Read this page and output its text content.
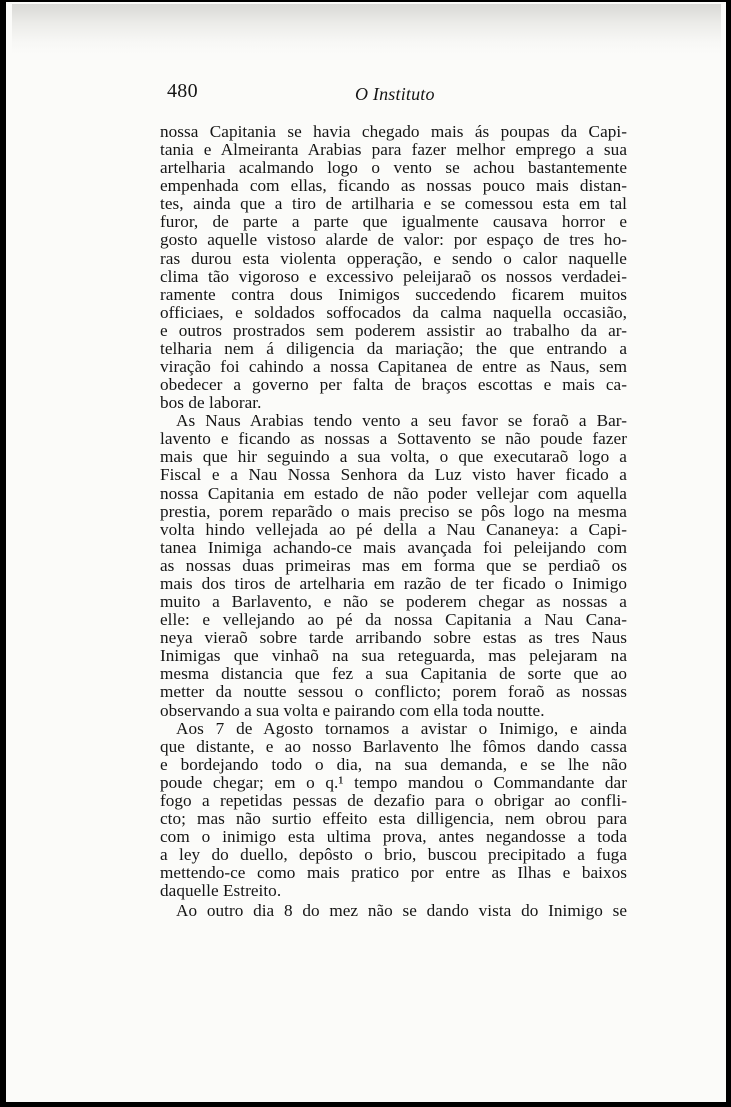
480	O Instituto
nossa Capitania se havia chegado mais ás poupas da Capi-
tania e Almeiranta Arabias para fazer melhor emprego a sua
artelharia acalmando logo o vento se achou bastantemente
empenhada com ellas, ficando as nossas pouco mais distan-
tes, ainda que a tiro de artilharia e se comessou esta em tal
furor, de parte a parte que igualmente causava horror e
gosto aquelle vistoso alarde de valor: por espaço de tres ho-
ras durou esta violenta opperação, e sendo o calor naquelle
clima tão vigoroso e excessivo peleijaraõ os nossos verdadei-
ramente contra dous Inimigos succedendo ficarem muitos
officiaes, e soldados soffocados da calma naquella occasião,
e outros prostrados sem poderem assistir ao trabalho da ar-
telharia nem á diligencia da mariação; the que entrando a
viração foi cahindo a nossa Capitanea de entre as Naus, sem
obedecer a governo per falta de braços escottas e mais ca-
bos de laborar.
As Naus Arabias tendo vento a seu favor se foraõ a Bar-
lavento e ficando as nossas a Sottavento se não poude fazer
mais que hir seguindo a sua volta, o que executaraõ logo a
Fiscal e a Nau Nossa Senhora da Luz visto haver ficado a
nossa Capitania em estado de não poder vellejar com aquella
prestia, porem reparãdo o mais preciso se pôs logo na mesma
volta hindo vellejada ao pé della a Nau Cananeya: a Capi-
tanea Inimiga achando-ce mais avançada foi peleijando com
as nossas duas primeiras mas em forma que se perdiaõ os
mais dos tiros de artelharia em razão de ter ficado o Inimigo
muito a Barlavento, e não se poderem chegar as nossas a
elle: e vellejando ao pé da nossa Capitania a Nau Cana-
neya vieraõ sobre tarde arribando sobre estas as tres Naus
Inimigas que vinhaõ na sua reteguarda, mas pelejaram na
mesma distancia que fez a sua Capitania de sorte que ao
metter da noutte sessou o conflicto; porem foraõ as nossas
observando a sua volta e pairando com ella toda noutte.
Aos 7 de Agosto tornamos a avistar o Inimigo, e ainda
que distante, e ao nosso Barlavento lhe fômos dando cassa
e bordejando todo o dia, na sua demanda, e se lhe não
poude chegar; em o q.¹ tempo mandou o Commandante dar
fogo a repetidas pessas de dezafio para o obrigar ao confli-
cto; mas não surtio effeito esta dilligencia, nem obrou para
com o inimigo esta ultima prova, antes negandosse a toda
a ley do duello, depôsto o brio, buscou precipitado a fuga
mettendo-ce como mais pratico por entre as Ilhas e baixos
daquelle Estreito.
Ao outro dia 8 do mez não se dando vista do Inimigo se
